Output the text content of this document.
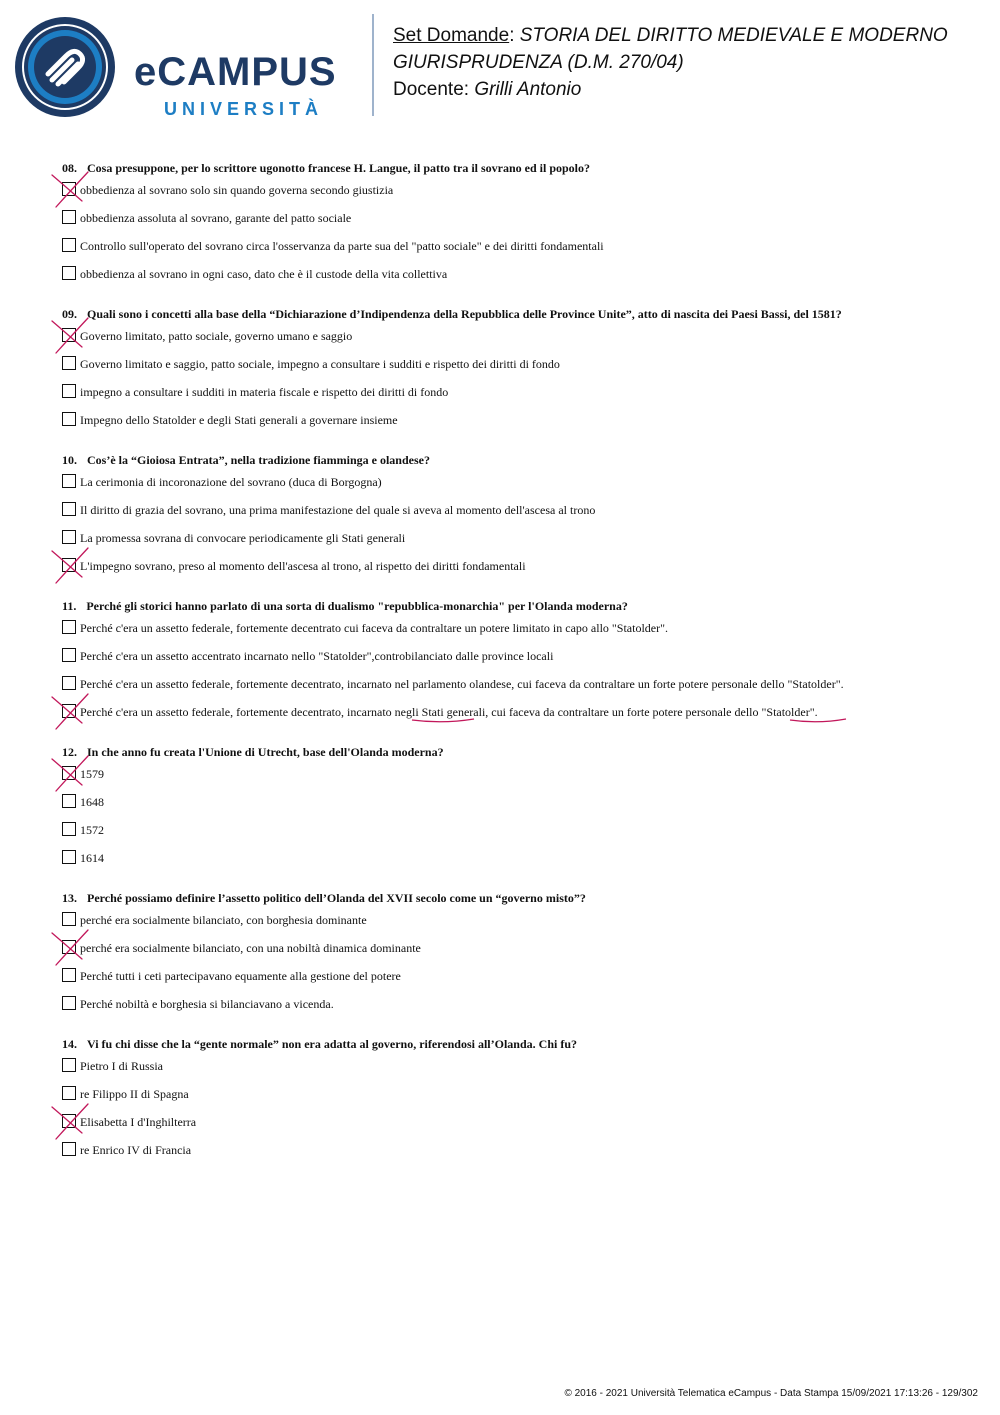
eCAMPUS
UNIVERSITÀ
Set Domande: STORIA DEL DIRITTO MEDIEVALE E MODERNO
GIURISPRUDENZA (D.M. 270/04)
Docente: Grilli Antonio
08. Cosa presuppone, per lo scrittore ugonotto francese H. Langue, il patto tra il sovrano ed il popolo?
obbedienza al sovrano solo sin quando governa secondo giustizia
obbedienza assoluta al sovrano, garante del patto sociale
Controllo sull'operato del sovrano circa l'osservanza da parte sua del "patto sociale" e dei diritti fondamentali
obbedienza al sovrano in ogni caso, dato che è il custode della vita collettiva
09. Quali sono i concetti alla base della “Dichiarazione d’Indipendenza della Repubblica delle Province Unite”, atto di nascita dei Paesi Bassi, del 1581?
Governo limitato, patto sociale, governo umano e saggio
Governo limitato e saggio, patto sociale, impegno a consultare i sudditi e rispetto dei diritti di fondo
impegno a consultare i sudditi in materia fiscale e rispetto dei diritti di fondo
Impegno dello Statolder e degli Stati generali a governare insieme
10. Cos’è la “Gioiosa Entrata”, nella tradizione fiamminga e olandese?
La cerimonia di incoronazione del sovrano (duca di Borgogna)
Il diritto di grazia del sovrano, una prima manifestazione del quale si aveva al momento dell'ascesa al trono
La promessa sovrana di convocare periodicamente gli Stati generali
L'impegno sovrano, preso al momento dell'ascesa al trono, al rispetto dei diritti fondamentali
11. Perché gli storici hanno parlato di una sorta di dualismo "repubblica-monarchia" per l'Olanda moderna?
Perché c'era un assetto federale, fortemente decentrato cui faceva da contraltare un potere limitato in capo allo "Statolder".
Perché c'era un assetto accentrato incarnato nello "Statolder",controbilanciato dalle province locali
Perché c'era un assetto federale, fortemente decentrato, incarnato nel parlamento olandese, cui faceva da contraltare un forte potere personale dello "Statolder".
Perché c'era un assetto federale, fortemente decentrato, incarnato negli Stati generali, cui faceva da contraltare un forte potere personale dello "Statolder".
12. In che anno fu creata l'Unione di Utrecht, base dell'Olanda moderna?
1579
1648
1572
1614
13. Perché possiamo definire l’assetto politico dell’Olanda del XVII secolo come un “governo misto”?
perché era socialmente bilanciato, con borghesia dominante
perché era socialmente bilanciato, con una nobiltà dinamica dominante
Perché tutti i ceti partecipavano equamente alla gestione del potere
Perché nobiltà e borghesia si bilanciavano a vicenda.
14. Vi fu chi disse che la “gente normale” non era adatta al governo, riferendosi all’Olanda. Chi fu?
Pietro I di Russia
re Filippo II di Spagna
Elisabetta I d'Inghilterra
re Enrico IV di Francia
© 2016 - 2021 Università Telematica eCampus - Data Stampa 15/09/2021 17:13:26 - 129/302
